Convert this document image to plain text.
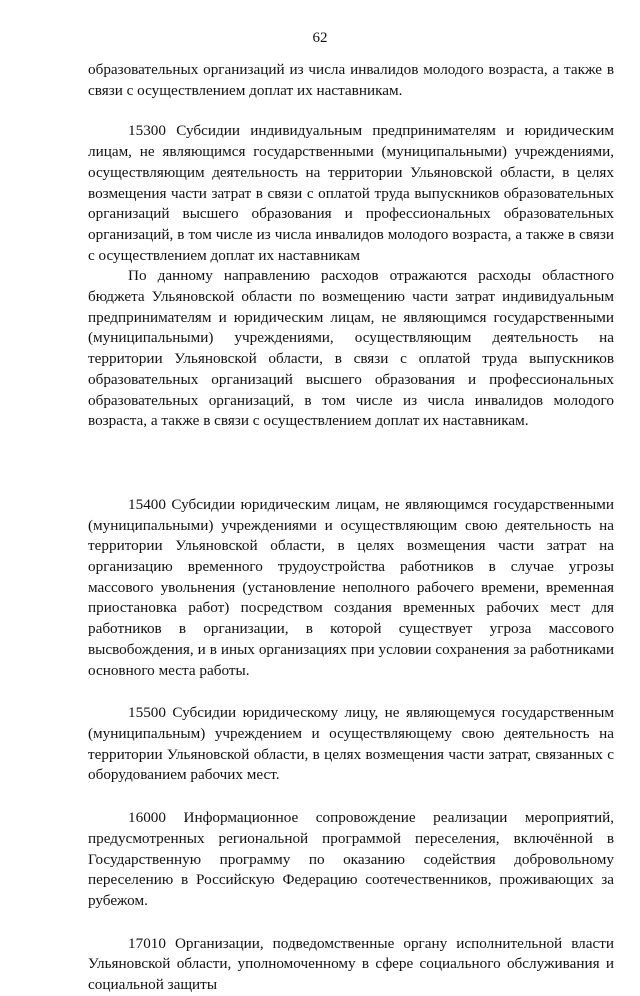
62

образовательных организаций из числа инвалидов молодого возраста, а также в связи с осуществлением доплат их наставникам.

15300 Субсидии индивидуальным предпринимателям и юридическим лицам, не являющимся государственными (муниципальными) учреждениями, осуществляющим деятельность на территории Ульяновской области, в целях возмещения части затрат в связи с оплатой труда выпускников образовательных организаций высшего образования и профессиональных образовательных организаций, в том числе из числа инвалидов молодого возраста, а также в связи с осуществлением доплат их наставникам

По данному направлению расходов отражаются расходы областного бюджета Ульяновской области по возмещению части затрат индивидуальным предпринимателям и юридическим лицам, не являющимся государственными (муниципальными) учреждениями, осуществляющим деятельность на территории Ульяновской области, в связи с оплатой труда выпускников образовательных организаций высшего образования и профессиональных образовательных организаций, в том числе из числа инвалидов молодого возраста, а также в связи с осуществлением доплат их наставникам.

15400 Субсидии юридическим лицам, не являющимся государственными (муниципальными) учреждениями и осуществляющим свою деятельность на территории Ульяновской области, в целях возмещения части затрат на организацию временного трудоустройства работников в случае угрозы массового увольнения (установление неполного рабочего времени, временная приостановка работ) посредством создания временных рабочих мест для работников в организации, в которой существует угроза массового высвобождения, и в иных организациях при условии сохранения за работниками основного места работы.

15500 Субсидии юридическому лицу, не являющемуся государственным (муниципальным) учреждением и осуществляющему свою деятельность на территории Ульяновской области, в целях возмещения части затрат, связанных с оборудованием рабочих мест.

16000 Информационное сопровождение реализации мероприятий, предусмотренных региональной программой переселения, включённой в Государственную программу по оказанию содействия добровольному переселению в Российскую Федерацию соотечественников, проживающих за рубежом.

17010 Организации, подведомственные органу исполнительной власти Ульяновской области, уполномоченному в сфере социального обслуживания и социальной защиты
